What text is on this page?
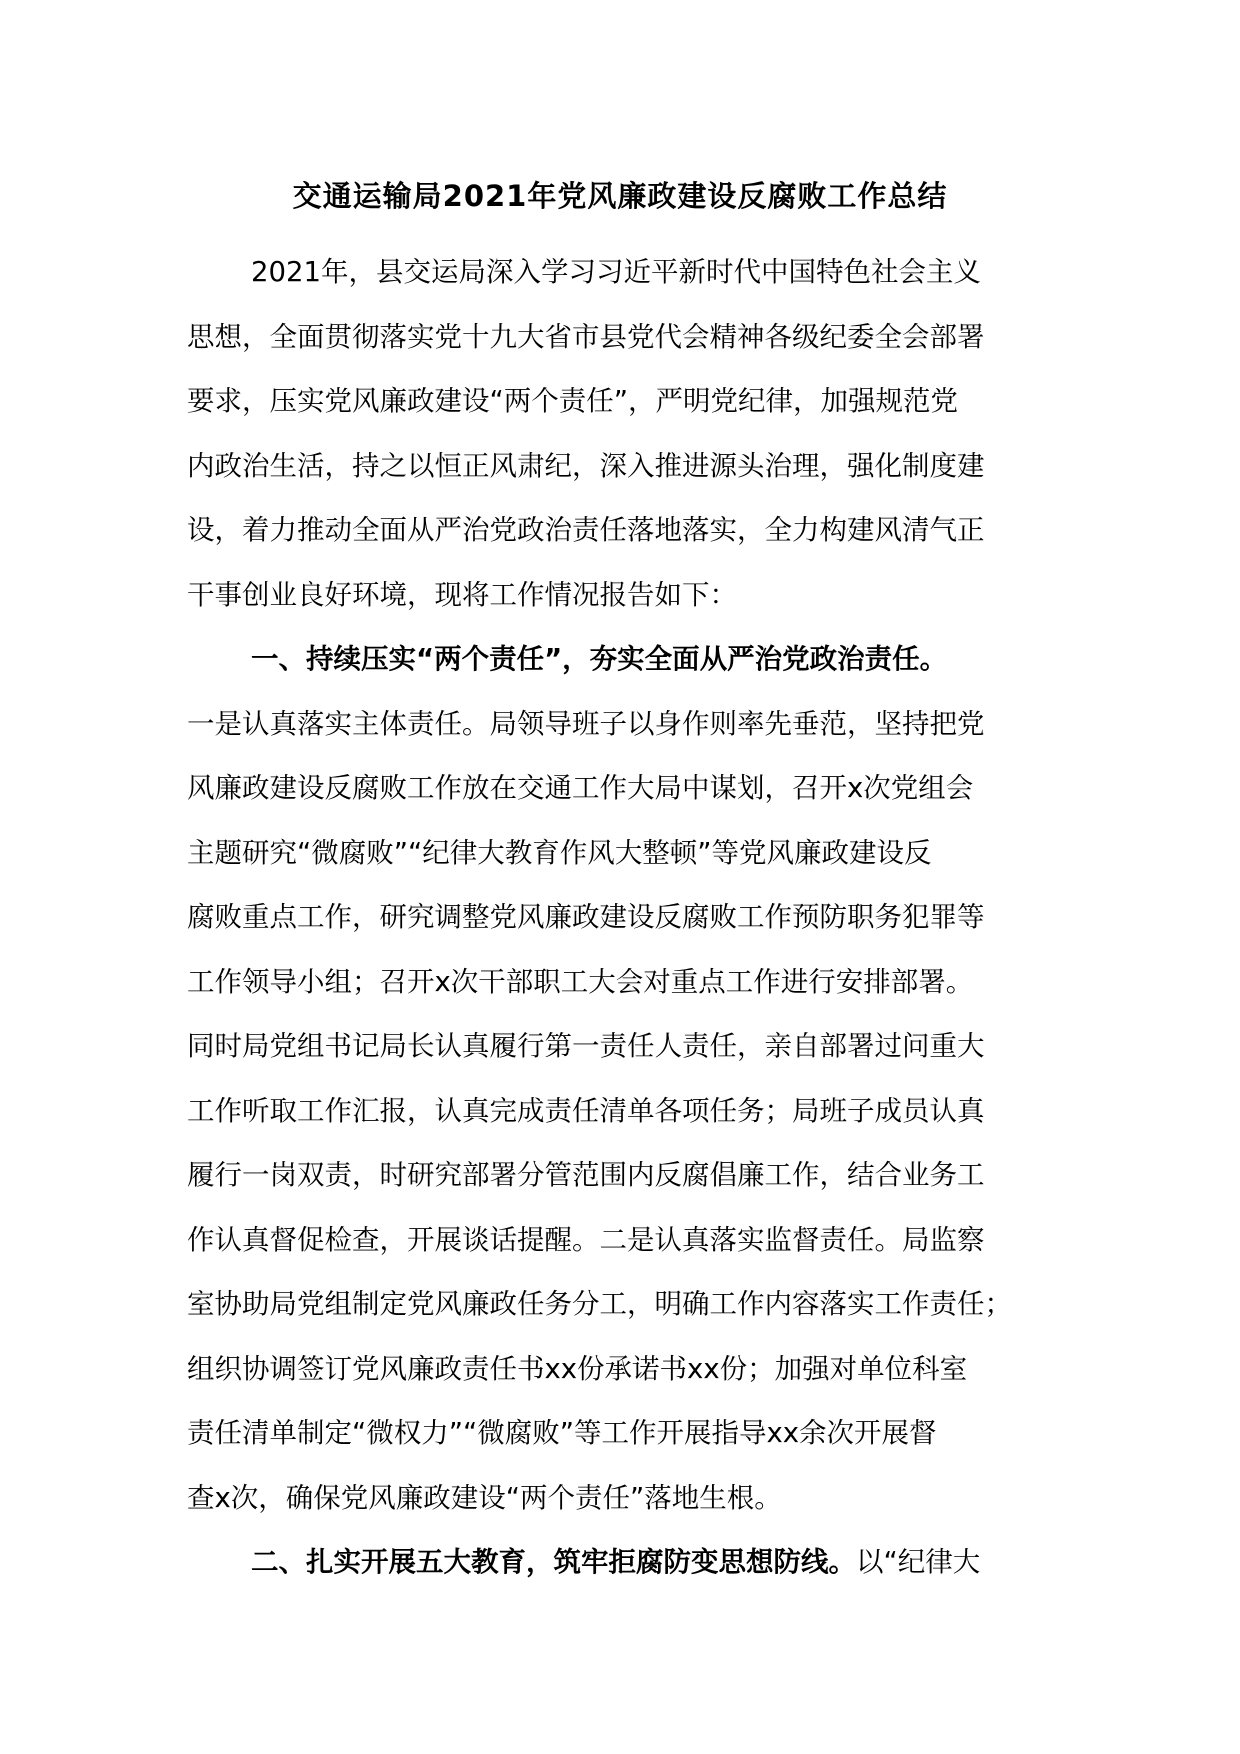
交通运输局2021年党风廉政建设反腐败工作总结
2021年，县交运局深入学习习近平新时代中国特色社会主义
思想，全面贯彻落实党十九大省市县党代会精神各级纪委全会部署
要求，压实党风廉政建设“两个责任”，严明党纪律，加强规范党
内政治生活，持之以恒正风肃纪，深入推进源头治理，强化制度建
设，着力推动全面从严治党政治责任落地落实，全力构建风清气正
干事创业良好环境，现将工作情况报告如下：
一、持续压实“两个责任”，夯实全面从严治党政治责任。
一是认真落实主体责任。局领导班子以身作则率先垂范，坚持把党
风廉政建设反腐败工作放在交通工作大局中谋划，召开x次党组会
主题研究“微腐败”“纪律大教育作风大整顿”等党风廉政建设反
腐败重点工作，研究调整党风廉政建设反腐败工作预防职务犯罪等
工作领导小组；召开x次干部职工大会对重点工作进行安排部署。
同时局党组书记局长认真履行第一责任人责任，亲自部署过问重大
工作听取工作汇报，认真完成责任清单各项任务；局班子成员认真
履行一岗双责，时研究部署分管范围内反腐倡廉工作，结合业务工
作认真督促检查，开展谈话提醒。二是认真落实监督责任。局监察
室协助局党组制定党风廉政任务分工，明确工作内容落实工作责任；
组织协调签订党风廉政责任书xx份承诺书xx份；加强对单位科室
责任清单制定“微权力”“微腐败”等工作开展指导xx余次开展督
查x次，确保党风廉政建设“两个责任”落地生根。
二、扎实开展五大教育，筑牢拒腐防变思想防线。以“纪律大
